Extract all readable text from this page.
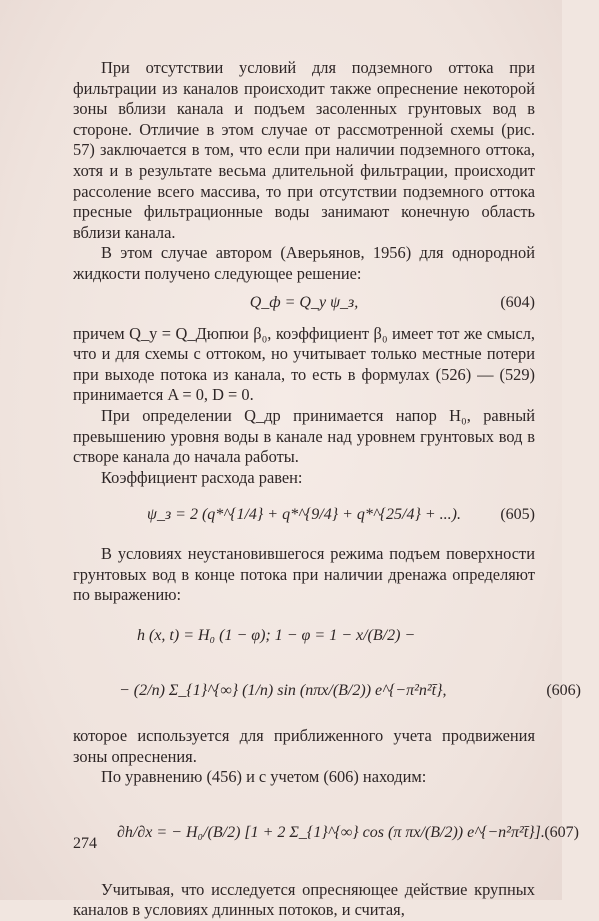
При отсутствии условий для подземного оттока при фильтрации из каналов происходит также опреснение некоторой зоны вблизи канала и подъем засоленных грунтовых вод в стороне. Отличие в этом случае от рассмотренной схемы (рис. 57) заключается в том, что если при наличии подземного оттока, хотя и в результате весьма длительной фильтрации, происходит рассоление всего массива, то при отсутствии подземного оттока пресные фильтрационные воды занимают конечную область вблизи канала.

В этом случае автором (Аверьянов, 1956) для однородной жидкости получено следующее решение:

Q_ф = Q_у ψ_з,	(604)

причем Q_у = Q_Дюпюи β₀, коэффициент β₀ имеет тот же смысл, что и для схемы с оттоком, но учитывает только местные потери при выходе потока из канала, то есть в формулах (526) — (529) принимается A = 0, D = 0.

При определении Q_др принимается напор H₀, равный превышению уровня воды в канале над уровнем грунтовых вод в створе канала до начала работы.

Коэффициент расхода равен:

ψ_з = 2 (q*^{1/4} + q*^{9/4} + q*^{25/4} + ...). (605)

В условиях неустановившегося режима подъем поверхности грунтовых вод в конце потока при наличии дренажа определяют по выражению:

h (x, t) = H₀ (1 − φ); 1 − φ = 1 − x/(B/2) −
− (2/n) Σ_{1}^{∞} (1/n) sin (nπx/(B/2)) e^{−π²n²t̄},	(606)

которое используется для приближенного учета продвижения зоны опреснения.

По уравнению (456) и с учетом (606) находим:

∂h/∂x = − H₀/(B/2) [1 + 2 Σ_{1}^{∞} cos (π πx/(B/2)) e^{−n²π²t̄}]. (607)

Учитывая, что исследуется опресняющее действие крупных каналов в условиях длинных потоков, и считая,

274
